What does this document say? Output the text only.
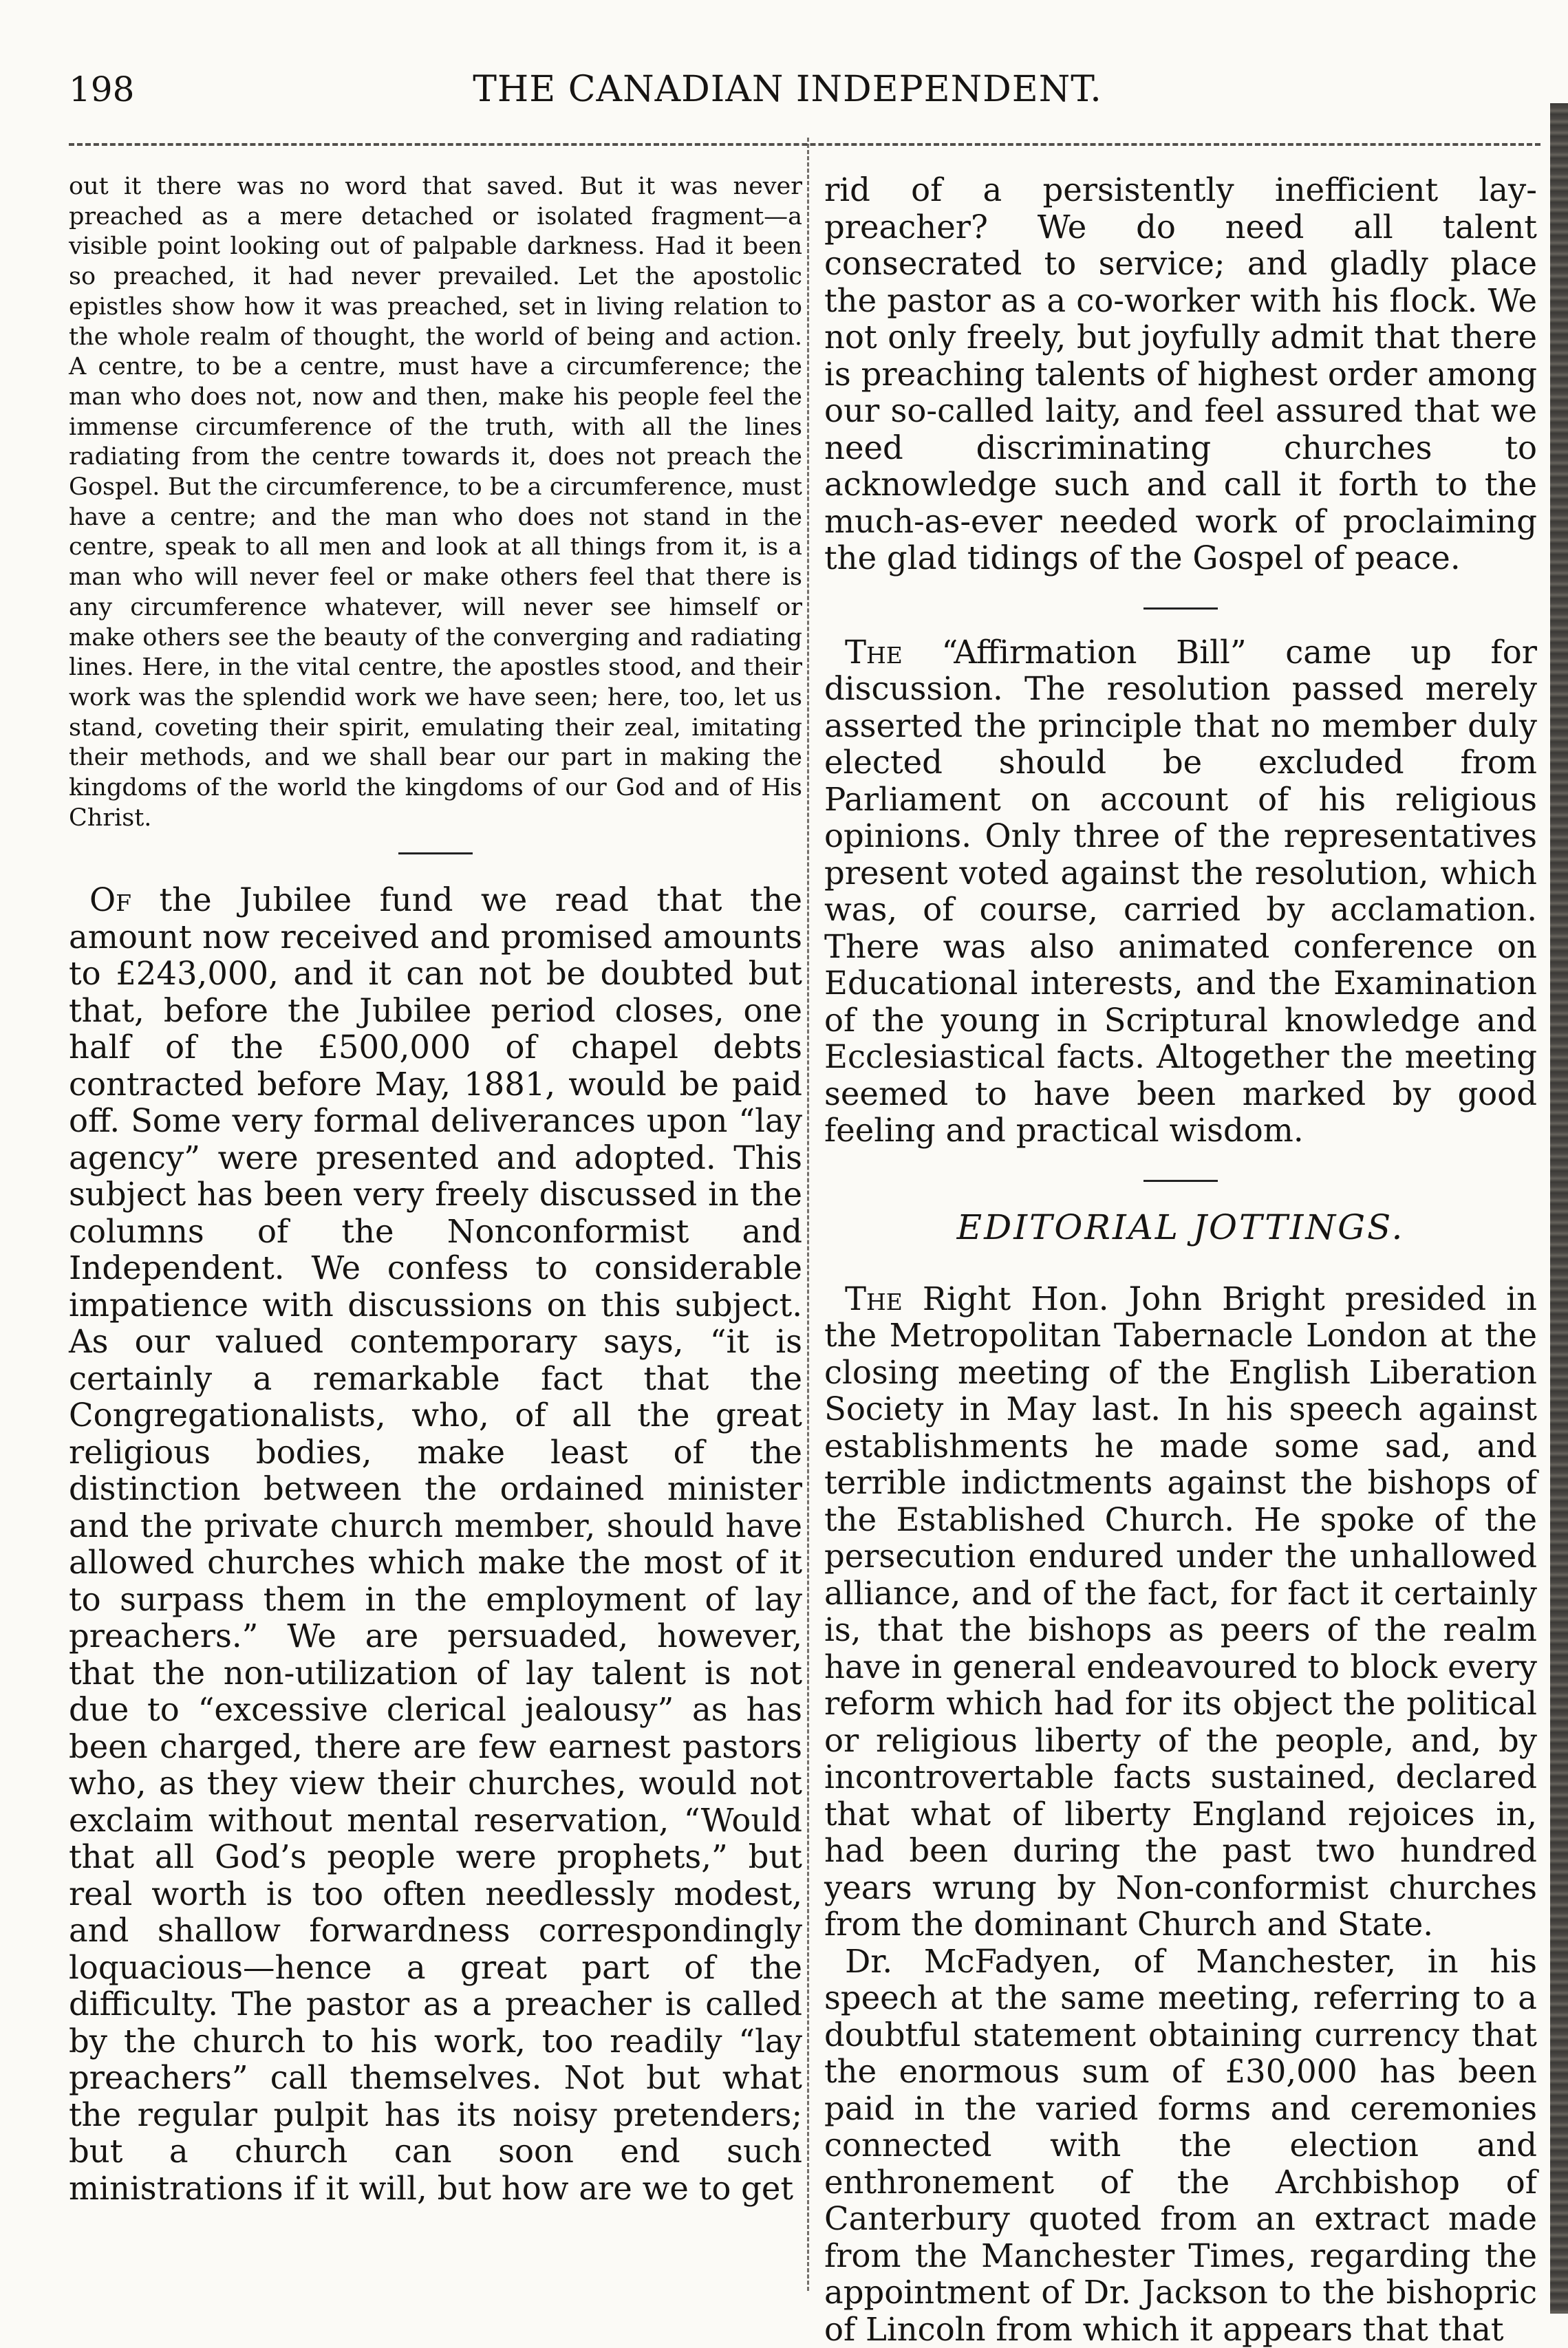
198	THE CANADIAN INDEPENDENT.

out it there was no word that saved. But it was never preached as a mere detached or isolated fragment—a visible point looking out of palpable darkness. Had it been so preached, it had never prevailed. Let the apostolic epistles show how it was preached, set in living relation to the whole realm of thought, the world of being and action. A centre, to be a centre, must have a circumference; the man who does not, now and then, make his people feel the immense circumference of the truth, with all the lines radiating from the centre towards it, does not preach the Gospel. But the circumference, to be a circumference, must have a centre; and the man who does not stand in the centre, speak to all men and look at all things from it, is a man who will never feel or make others feel that there is any circumference whatever, will never see himself or make others see the beauty of the converging and radiating lines. Here, in the vital centre, the apostles stood, and their work was the splendid work we have seen; here, too, let us stand, coveting their spirit, emulating their zeal, imitating their methods, and we shall bear our part in making the kingdoms of the world the kingdoms of our God and of His Christ.

Of the Jubilee fund we read that the amount now received and promised amounts to £243,000, and it can not be doubted but that, before the Jubilee period closes, one half of the £500,000 of chapel debts contracted before May, 1881, would be paid off. Some very formal deliverances upon “lay agency” were presented and adopted. This subject has been very freely discussed in the columns of the Nonconformist and Independent. We confess to considerable impatience with discussions on this subject. As our valued contemporary says, “it is certainly a remarkable fact that the Congregationalists, who, of all the great religious bodies, make least of the distinction between the ordained minister and the private church member, should have allowed churches which make the most of it to surpass them in the employment of lay preachers.” We are persuaded, however, that the non-utilization of lay talent is not due to “excessive clerical jealousy” as has been charged, there are few earnest pastors who, as they view their churches, would not exclaim without mental reservation, “Would that all God’s people were prophets,” but real worth is too often needlessly modest, and shallow forwardness correspondingly loquacious—hence a great part of the difficulty. The pastor as a preacher is called by the church to his work, too readily “lay preachers” call themselves. Not but what the regular pulpit has its noisy pretenders; but a church can soon end such ministrations if it will, but how are we to get

rid of a persistently inefficient lay-preacher? We do need all talent consecrated to service; and gladly place the pastor as a co-worker with his flock. We not only freely, but joyfully admit that there is preaching talents of highest order among our so-called laity, and feel assured that we need discriminating churches to acknowledge such and call it forth to the much-as-ever needed work of proclaiming the glad tidings of the Gospel of peace.

The “Affirmation Bill” came up for discussion. The resolution passed merely asserted the principle that no member duly elected should be excluded from Parliament on account of his religious opinions. Only three of the representatives present voted against the resolution, which was, of course, carried by acclamation. There was also animated conference on Educational interests, and the Examination of the young in Scriptural knowledge and Ecclesiastical facts. Altogether the meeting seemed to have been marked by good feeling and practical wisdom.

EDITORIAL JOTTINGS.

The Right Hon. John Bright presided in the Metropolitan Tabernacle London at the closing meeting of the English Liberation Society in May last. In his speech against establishments he made some sad, and terrible indictments against the bishops of the Established Church. He spoke of the persecution endured under the unhallowed alliance, and of the fact, for fact it certainly is, that the bishops as peers of the realm have in general endeavoured to block every reform which had for its object the political or religious liberty of the people, and, by incontrovertable facts sustained, declared that what of liberty England rejoices in, had been during the past two hundred years wrung by Non-conformist churches from the dominant Church and State.

Dr. McFadyen, of Manchester, in his speech at the same meeting, referring to a doubtful statement obtaining currency that the enormous sum of £30,000 has been paid in the varied forms and ceremonies connected with the election and enthronement of the Archbishop of Canterbury quoted from an extract made from the Manchester Times, regarding the appointment of Dr. Jackson to the bishopric of Lincoln from which it appears that that
